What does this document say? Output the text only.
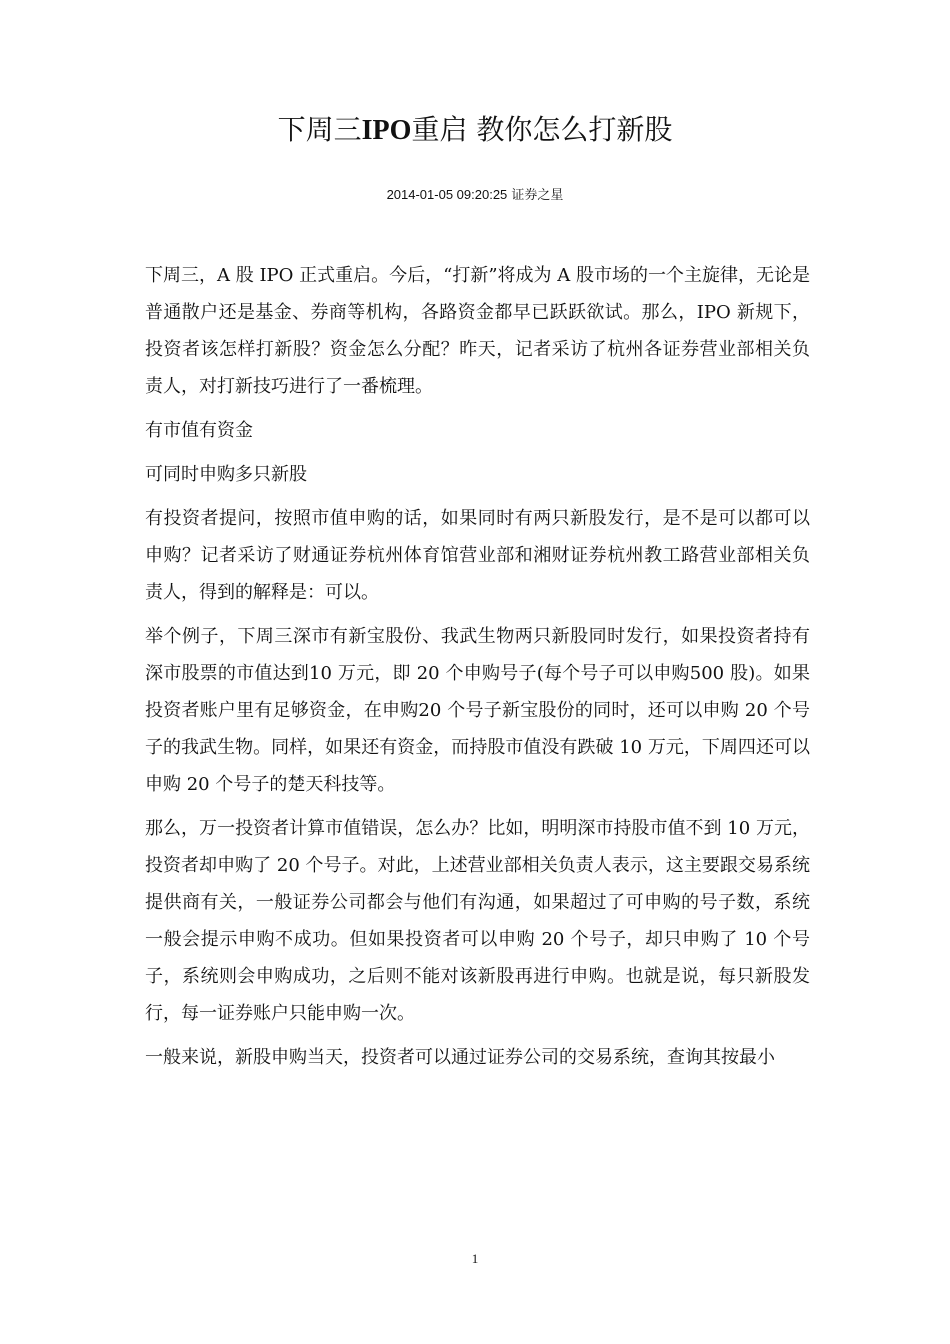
下周三IPO重启 教你怎么打新股
2014-01-05 09:20:25 证券之星

下周三，A 股 IPO 正式重启。今后，“打新”将成为 A 股市场的一个主旋律，无论是普通散户还是基金、券商等机构，各路资金都早已跃跃欲试。那么，IPO 新规下，投资者该怎样打新股？资金怎么分配？昨天，记者采访了杭州各证券营业部相关负责人，对打新技巧进行了一番梳理。

有市值有资金

可同时申购多只新股

有投资者提问，按照市值申购的话，如果同时有两只新股发行，是不是可以都可以申购？记者采访了财通证券杭州体育馆营业部和湘财证券杭州教工路营业部相关负责人，得到的解释是：可以。

举个例子，下周三深市有新宝股份、我武生物两只新股同时发行，如果投资者持有深市股票的市值达到10 万元，即 20 个申购号子(每个号子可以申购500 股)。如果投资者账户里有足够资金，在申购20 个号子新宝股份的同时，还可以申购 20 个号子的我武生物。同样，如果还有资金，而持股市值没有跌破 10 万元，下周四还可以申购 20 个号子的楚天科技等。

那么，万一投资者计算市值错误，怎么办？比如，明明深市持股市值不到 10 万元，投资者却申购了 20 个号子。对此，上述营业部相关负责人表示，这主要跟交易系统提供商有关，一般证券公司都会与他们有沟通，如果超过了可申购的号子数，系统一般会提示申购不成功。但如果投资者可以申购 20 个号子，却只申购了 10 个号子，系统则会申购成功，之后则不能对该新股再进行申购。也就是说，每只新股发行，每一证券账户只能申购一次。

一般来说，新股申购当天，投资者可以通过证券公司的交易系统，查询其按最小

1
